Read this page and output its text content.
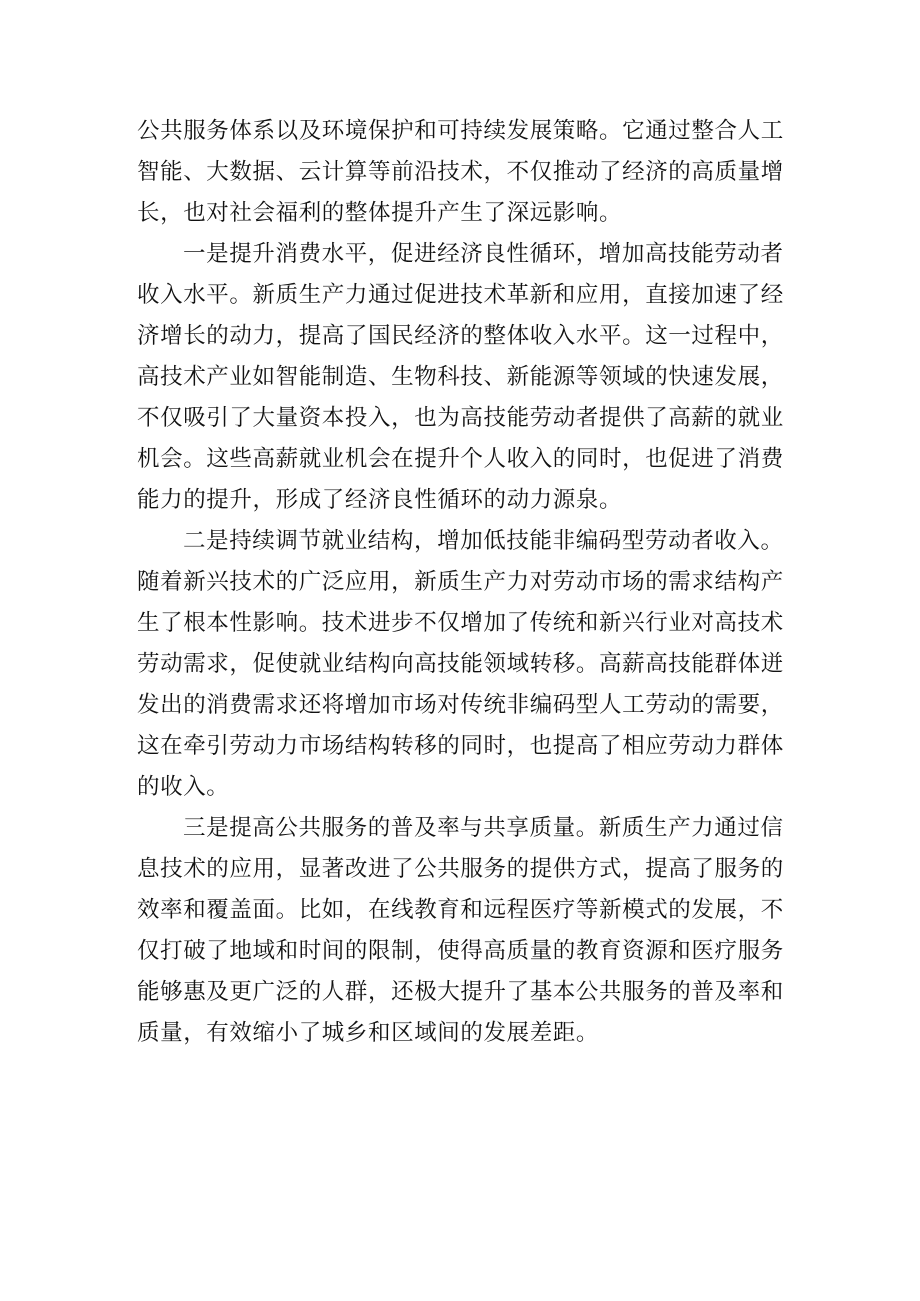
公共服务体系以及环境保护和可持续发展策略。它通过整合人工

智能、大数据、云计算等前沿技术，不仅推动了经济的高质量增

长，也对社会福利的整体提升产生了深远影响。

一是提升消费水平，促进经济良性循环，增加高技能劳动者

收入水平。新质生产力通过促进技术革新和应用，直接加速了经

济增长的动力，提高了国民经济的整体收入水平。这一过程中，

高技术产业如智能制造、生物科技、新能源等领域的快速发展，

不仅吸引了大量资本投入，也为高技能劳动者提供了高薪的就业

机会。这些高薪就业机会在提升个人收入的同时，也促进了消费

能力的提升，形成了经济良性循环的动力源泉。

二是持续调节就业结构，增加低技能非编码型劳动者收入。

随着新兴技术的广泛应用，新质生产力对劳动市场的需求结构产

生了根本性影响。技术进步不仅增加了传统和新兴行业对高技术

劳动需求，促使就业结构向高技能领域转移。高薪高技能群体迸

发出的消费需求还将增加市场对传统非编码型人工劳动的需要，

这在牵引劳动力市场结构转移的同时，也提高了相应劳动力群体

的收入。

三是提高公共服务的普及率与共享质量。新质生产力通过信

息技术的应用，显著改进了公共服务的提供方式，提高了服务的

效率和覆盖面。比如，在线教育和远程医疗等新模式的发展，不

仅打破了地域和时间的限制，使得高质量的教育资源和医疗服务

能够惠及更广泛的人群，还极大提升了基本公共服务的普及率和

质量，有效缩小了城乡和区域间的发展差距。
